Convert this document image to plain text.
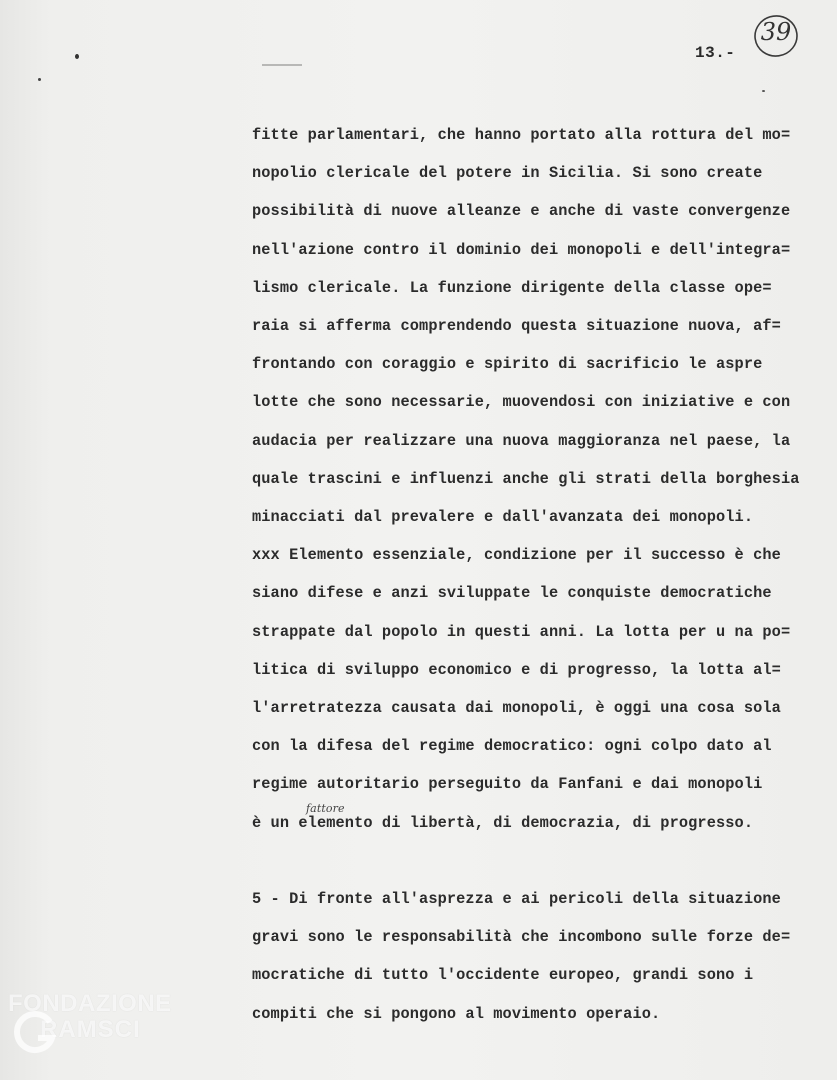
13.-
39
fitte parlamentari, che hanno portato alla rottura del mo=
nopolio clericale del potere in Sicilia. Si sono create
possibilità di nuove alleanze e anche di vaste convergenze
nell'azione contro il dominio dei monopoli e dell'integra=
lismo clericale. La funzione dirigente della classe ope=
raia si afferma comprendendo questa situazione nuova, af=
frontando con coraggio e spirito di sacrificio le aspre
lotte che sono necessarie, muovendosi con iniziative e con
audacia per realizzare una nuova maggioranza nel paese, la
quale trascini e influenzi anche gli strati della borghesia
minacciati dal prevalere e dall'avanzata dei monopoli.
xxx Elemento essenziale, condizione per il successo è che
siano difese e anzi sviluppate le conquiste democratiche
strappate dal popolo in questi anni. La lotta per u na po=
litica di sviluppo economico e di progresso, la lotta al=
l'arretratezza causata dai monopoli, è oggi una cosa sola
con la difesa del regime democratico: ogni colpo dato al
regime autoritario perseguito da Fanfani e dai monopoli
fattore
è un elemento di libertà, di democrazia, di progresso.
5 - Di fronte all'asprezza e ai pericoli della situazione
gravi sono le responsabilità che incombono sulle forze de=
mocratiche di tutto l'occidente europeo, grandi sono i
compiti che si pongono al movimento operaio.
FONDAZIONE
RAMSCI
